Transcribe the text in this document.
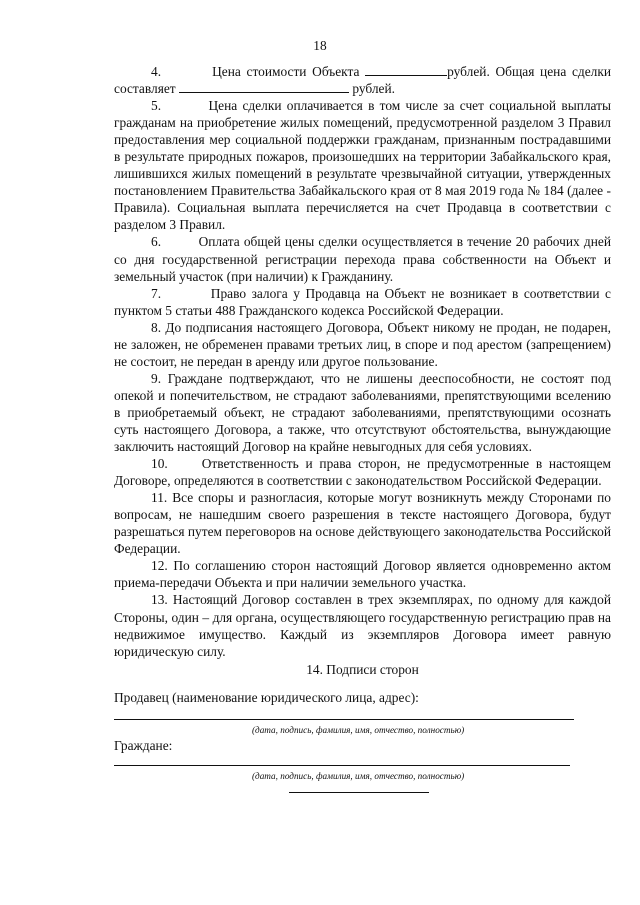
18

4.         Цена стоимости Объекта	рублей. Общая цена сделки составляет	рублей.

5.         Цена сделки оплачивается в том числе за счет социальной выплаты гражданам на приобретение жилых помещений, предусмотренной разделом 3 Правил предоставления мер социальной поддержки гражданам, признанным пострадавшими в результате природных пожаров, произошедших на территории Забайкальского края, лишившихся жилых помещений в результате чрезвычайной ситуации, утвержденных постановлением Правительства Забайкальского края от 8 мая 2019 года № 184 (далее - Правила). Социальная выплата перечисляется на счет Продавца в соответствии с разделом 3 Правил.

6.         Оплата общей цены сделки осуществляется в течение 20 рабочих дней со дня государственной регистрации перехода права собственности на Объект и земельный участок (при наличии) к Гражданину.

7.         Право залога у Продавца на Объект не возникает в соответствии с пунктом 5 статьи 488 Гражданского кодекса Российской Федерации.

8. До подписания настоящего Договора, Объект никому не продан, не подарен, не заложен, не обременен правами третьих лиц, в споре и под арестом (запрещением) не состоит, не передан в аренду или другое пользование.

9. Граждане подтверждают, что не лишены дееспособности, не состоят под опекой и попечительством, не страдают заболеваниями, препятствующими вселению в приобретаемый объект, не страдают заболеваниями, препятствующими осознать суть настоящего Договора, а также, что отсутствуют обстоятельства, вынуждающие заключить настоящий Договор на крайне невыгодных для себя условиях.

10.     Ответственность и права сторон, не предусмотренные в настоящем Договоре, определяются в соответствии с законодательством Российской Федерации.

11. Все споры и разногласия, которые могут возникнуть между Сторонами по вопросам, не нашедшим своего разрешения в тексте настоящего Договора, будут разрешаться путем переговоров на основе действующего законодательства Российской Федерации.

12. По соглашению сторон настоящий Договор является одновременно актом приема-передачи Объекта и при наличии земельного участка.

13. Настоящий Договор составлен в трех экземплярах, по одному для каждой Стороны, один – для органа, осуществляющего государственную регистрацию прав на недвижимое имущество. Каждый из экземпляров Договора имеет равную юридическую силу.

14. Подписи сторон

Продавец (наименование юридического лица, адрес):
(дата, подпись, фамилия, имя, отчество, полностью)
Граждане:
(дата, подпись, фамилия, имя, отчество, полностью)
